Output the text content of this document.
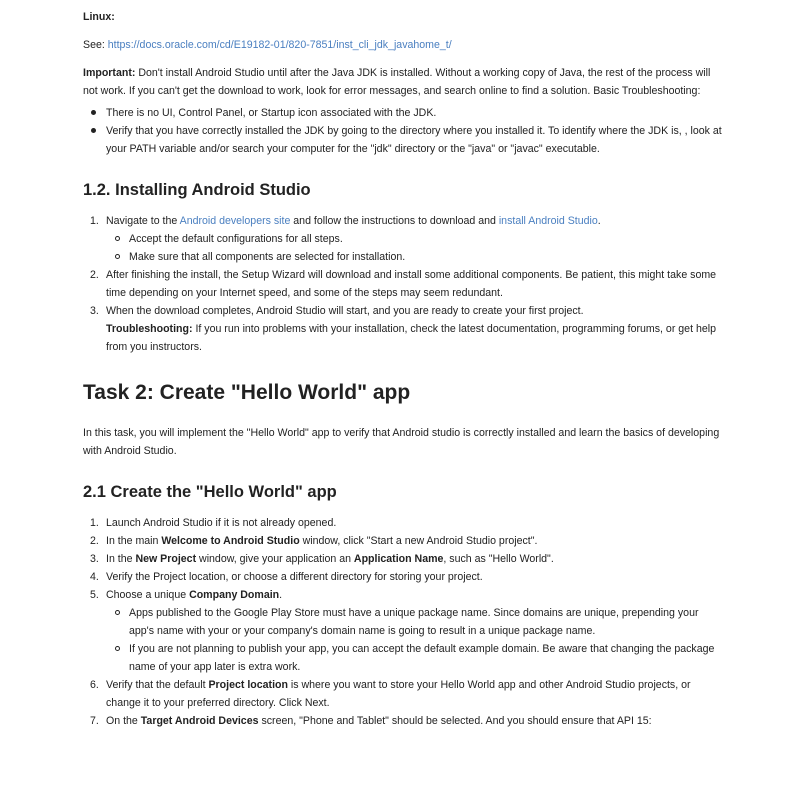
Linux:

See: https://docs.oracle.com/cd/E19182-01/820-7851/inst_cli_jdk_javahome_t/

Important: Don't install Android Studio until after the Java JDK is installed. Without a working copy of Java, the rest of the process will not work. If you can't get the download to work, look for error messages, and search online to find a solution. Basic Troubleshooting:

There is no UI, Control Panel, or Startup icon associated with the JDK.
Verify that you have correctly installed the JDK by going to the directory where you installed it. To identify where the JDK is, , look at your PATH variable and/or search your computer for the "jdk" directory or the "java" or "javac" executable.
1.2. Installing Android Studio
1. Navigate to the Android developers site and follow the instructions to download and install Android Studio.
Accept the default configurations for all steps.
Make sure that all components are selected for installation.
2. After finishing the install, the Setup Wizard will download and install some additional components. Be patient, this might take some time depending on your Internet speed, and some of the steps may seem redundant.
3. When the download completes, Android Studio will start, and you are ready to create your first project.
Troubleshooting: If you run into problems with your installation, check the latest documentation, programming forums, or get help from you instructors.
Task 2: Create "Hello World" app

In this task, you will implement the "Hello World" app to verify that Android studio is correctly installed and learn the basics of developing with Android Studio.

2.1 Create the "Hello World" app
1. Launch Android Studio if it is not already opened.
2. In the main Welcome to Android Studio window, click "Start a new Android Studio project".
3. In the New Project window, give your application an Application Name, such as "Hello World".
4. Verify the Project location, or choose a different directory for storing your project.
5. Choose a unique Company Domain.
Apps published to the Google Play Store must have a unique package name. Since domains are unique, prepending your app's name with your or your company's domain name is going to result in a unique package name.
If you are not planning to publish your app, you can accept the default example domain. Be aware that changing the package name of your app later is extra work.
6. Verify that the default Project location is where you want to store your Hello World app and other Android Studio projects, or change it to your preferred directory. Click Next.
7. On the Target Android Devices screen, "Phone and Tablet" should be selected. And you should ensure that API 15:
